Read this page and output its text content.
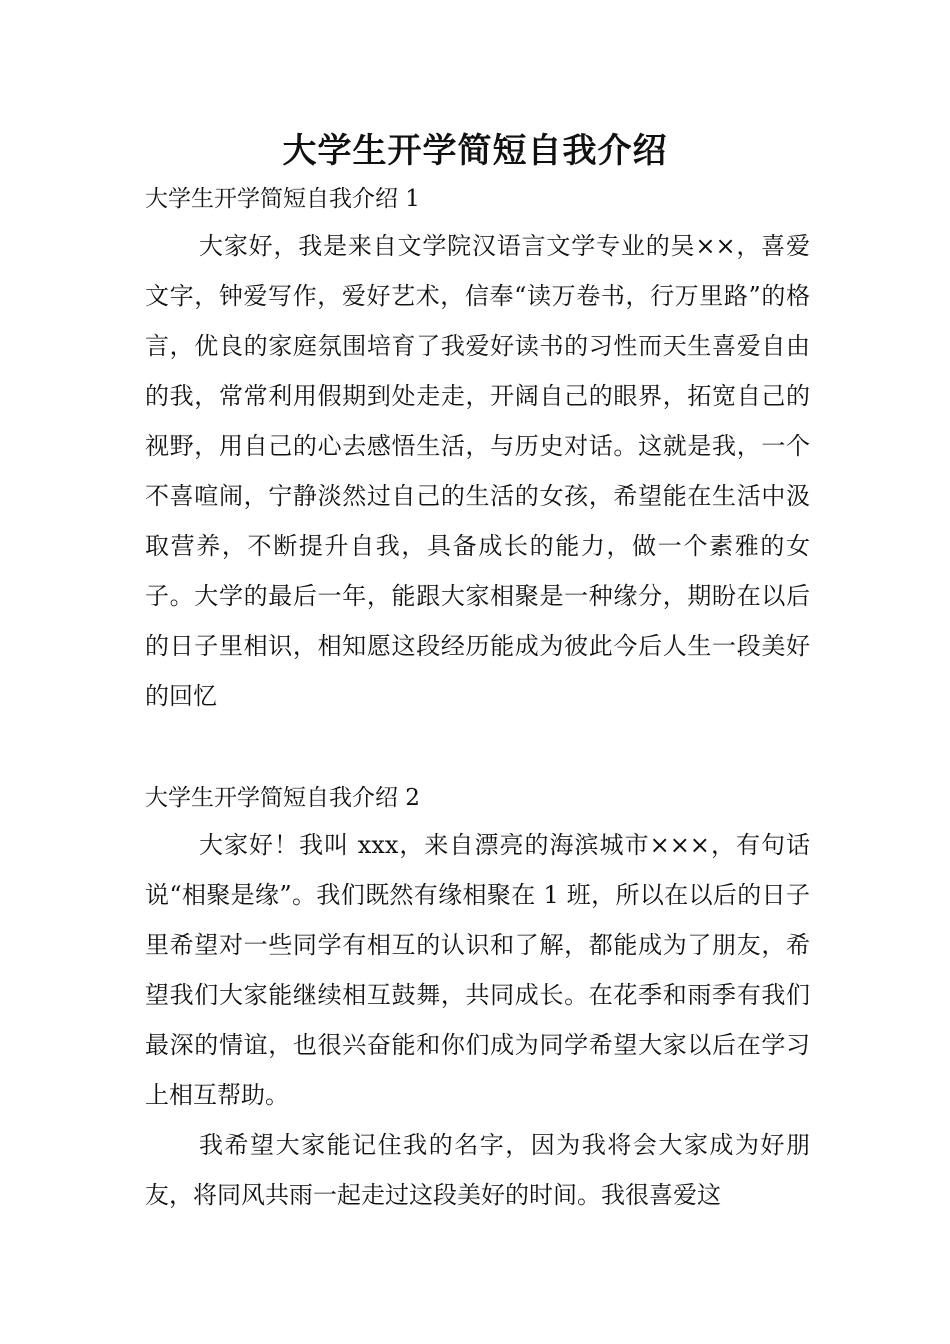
大学生开学简短自我介绍
大学生开学简短自我介绍 1

大家好，我是来自文学院汉语言文学专业的吴××，喜爱文字，钟爱写作，爱好艺术，信奉“读万卷书，行万里路”的格言，优良的家庭氛围培育了我爱好读书的习性而天生喜爱自由的我，常常利用假期到处走走，开阔自己的眼界，拓宽自己的视野，用自己的心去感悟生活，与历史对话。这就是我，一个不喜喧闹，宁静淡然过自己的生活的女孩，希望能在生活中汲取营养，不断提升自我，具备成长的能力，做一个素雅的女子。大学的最后一年，能跟大家相聚是一种缘分，期盼在以后的日子里相识，相知愿这段经历能成为彼此今后人生一段美好的回忆

大学生开学简短自我介绍 2

大家好！我叫 xxx，来自漂亮的海滨城市×××，有句话说“相聚是缘”。我们既然有缘相聚在 1 班，所以在以后的日子里希望对一些同学有相互的认识和了解，都能成为了朋友，希望我们大家能继续相互鼓舞，共同成长。在花季和雨季有我们最深的情谊，也很兴奋能和你们成为同学希望大家以后在学习上相互帮助。

我希望大家能记住我的名字，因为我将会大家成为好朋友，将同风共雨一起走过这段美好的时间。我很喜爱这
